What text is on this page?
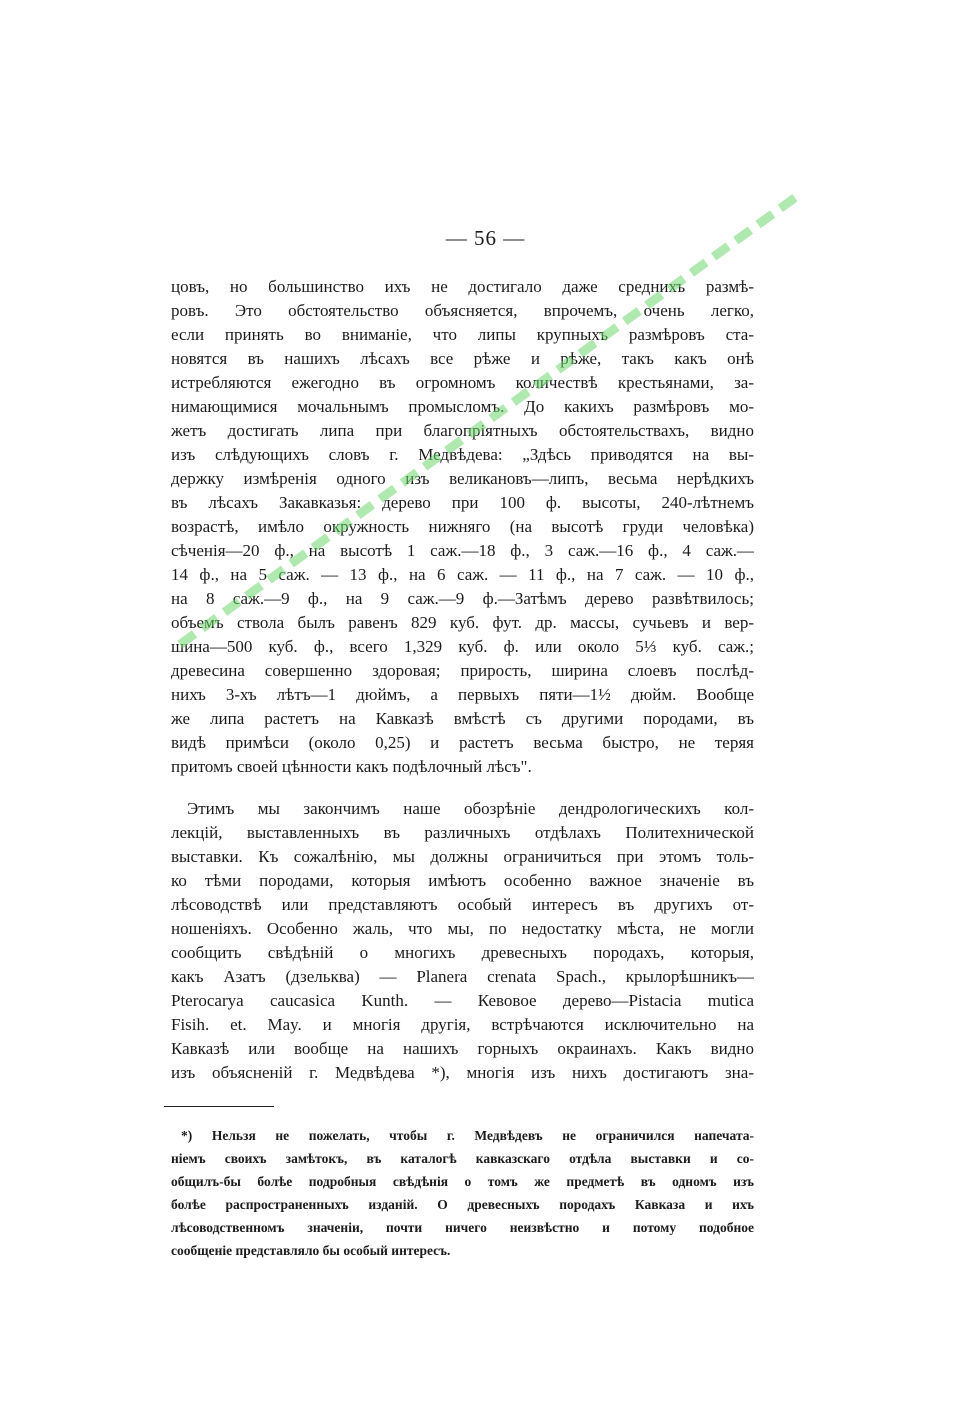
— 56 —
цовъ, но большинство ихъ не достигало даже среднихъ размѣ-
ровъ. Это обстоятельство объясняется, впрочемъ, очень легко,
если принять во вниманіе, что липы крупныхъ размѣровъ ста-
новятся въ нашихъ лѣсахъ все рѣже и рѣже, такъ какъ онѣ
истребляются ежегодно въ огромномъ количествѣ крестьянами, за-
нимающимися мочальнымъ промысломъ. До какихъ размѣровъ мо-
жетъ достигать липа при благопріятныхъ обстоятельствахъ, видно
изъ слѣдующихъ словъ г. Медвѣдева: „Здѣсь приводятся на вы-
держку измѣренія одного изъ великановъ—липъ, весьма нерѣдкихъ
въ лѣсахъ Закавказья: дерево при 100 ф. высоты, 240-лѣтнемъ
возрастѣ, имѣло окружность нижняго (на высотѣ груди человѣка)
сѣченія—20 ф., на высотѣ 1 саж.—18 ф., 3 саж.—16 ф., 4 саж.—
14 ф., на 5 саж. — 13 ф., на 6 саж. — 11 ф., на 7 саж. — 10 ф.,
на 8 саж.—9 ф., на 9 саж.—9 ф.—Затѣмъ дерево развѣтвилось;
объемъ ствола былъ равенъ 829 куб. фут. др. массы, сучьевъ и вер-
шина—500 куб. ф., всего 1,329 куб. ф. или около 5⅓ куб. саж.;
древесина совершенно здоровая; прирость, ширина слоевъ послѣд-
нихъ 3-хъ лѣтъ—1 дюймъ, а первыхъ пяти—1½ дюйм. Вообще
же липа растетъ на Кавказѣ вмѣстѣ съ другими породами, въ
видѣ примѣси (около 0,25) и растетъ весьма быстро, не теряя
притомъ своей цѣнности какъ подѣлочный лѣсъ".
Этимъ мы закончимъ наше обозрѣніе дендрологическихъ кол-
лекцій, выставленныхъ въ различныхъ отдѣлахъ Политехнической
выставки. Къ сожалѣнію, мы должны ограничиться при этомъ толь-
ко тѣми породами, которыя имѣютъ особенно важное значеніе въ
лѣсоводствѣ или представляютъ особый интересъ въ другихъ от-
ношеніяхъ. Особенно жаль, что мы, по недостатку мѣста, не могли
сообщить свѣдѣній о многихъ древесныхъ породахъ, которыя,
какъ Азатъ (дзельква) — Planera crenata Spach., крылорѣшникъ—
Pterocarya caucasica Kunth. — Кевовое дерево—Pistacia mutica
Fisih. et. May. и многія другія, встрѣчаются исключительно на
Кавказѣ или вообще на нашихъ горныхъ окраинахъ. Какъ видно
изъ объясненій г. Медвѣдева *), многія изъ нихъ достигаютъ зна-
*) Нельзя не пожелать, чтобы г. Медвѣдевъ не ограничился напечата-
ніемъ своихъ замѣтокъ, въ каталогѣ кавказскаго отдѣла выставки и со-
общилъ-бы болѣе подробныя свѣдѣнія о томъ же предметѣ въ одномъ изъ
болѣе распространенныхъ изданій. О древесныхъ породахъ Кавказа и ихъ
лѣсоводственномъ значеніи, почти ничего неизвѣстно и потому подобное
сообщеніе представляло бы особый интересъ.
